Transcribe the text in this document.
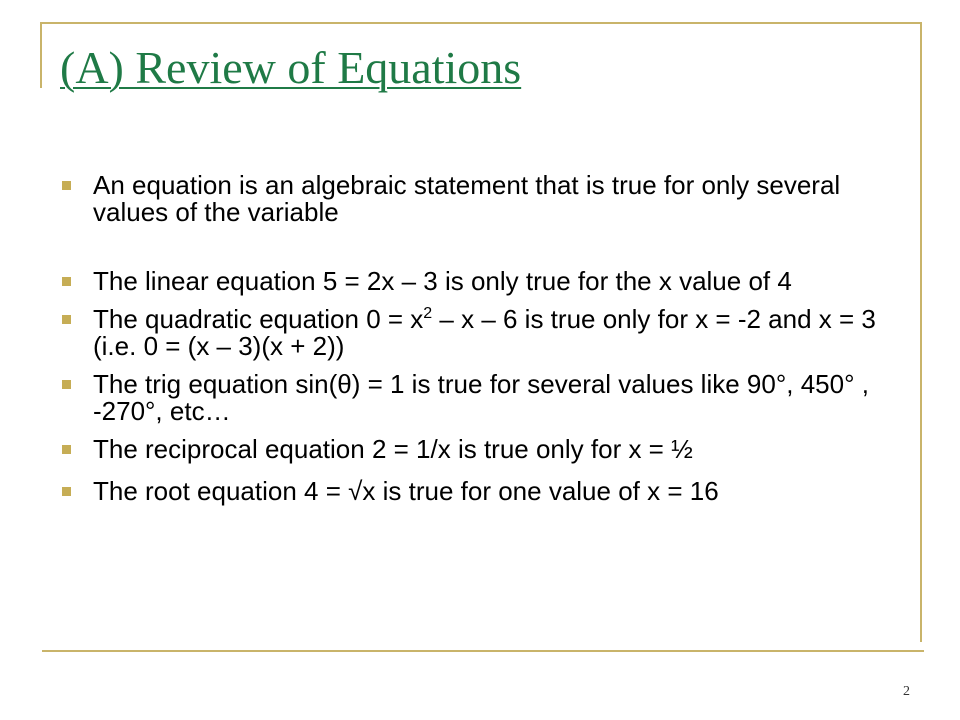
(A) Review of Equations
An equation is an algebraic statement that is true for only several values of the variable
The linear equation 5 = 2x – 3 is only true for the x value of 4
The quadratic equation $0 = x^2 - x - 6$ is true only for x = -2 and x = 3 (i.e. 0 = (x – 3)(x + 2))
The trig equation sin(θ) = 1 is true for several values like 90°, 450° , -270°, etc…
The reciprocal equation 2 = 1/x is true only for x = ½
The root equation 4 = √x is true for one value of x = 16
2
